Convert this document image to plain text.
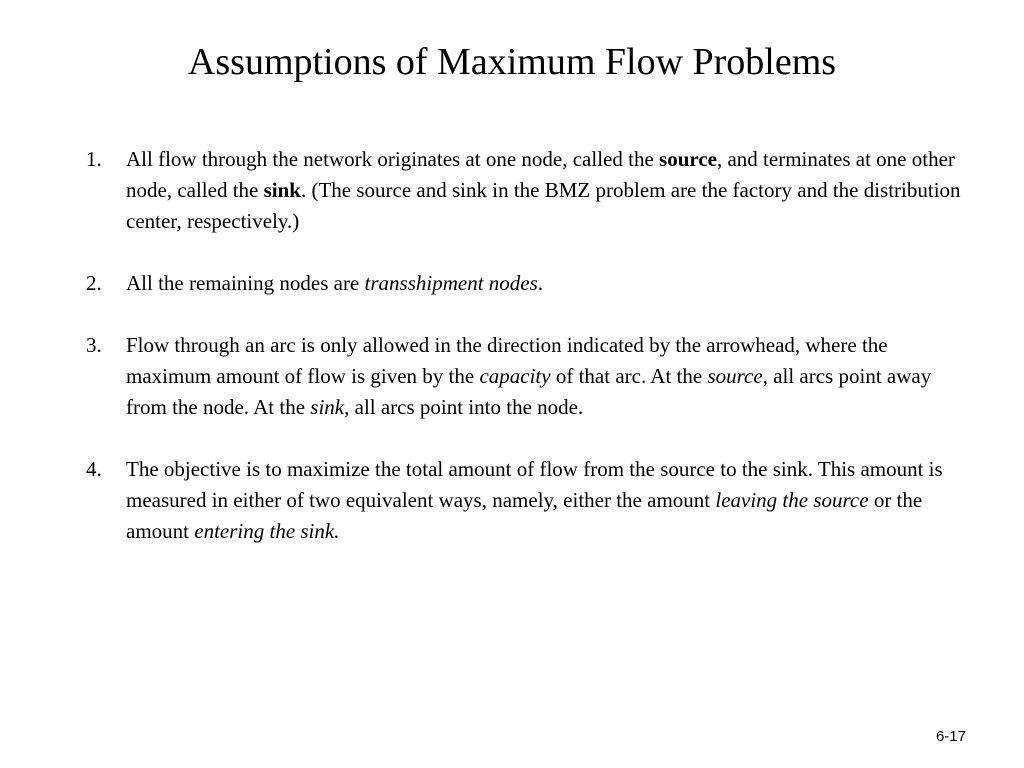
Assumptions of Maximum Flow Problems
1.	All flow through the network originates at one node, called the source, and terminates at one other node, called the sink. (The source and sink in the BMZ problem are the factory and the distribution center, respectively.)
2.	All the remaining nodes are transshipment nodes.
3.	Flow through an arc is only allowed in the direction indicated by the arrowhead, where the maximum amount of flow is given by the capacity of that arc. At the source, all arcs point away from the node. At the sink, all arcs point into the node.
4.	The objective is to maximize the total amount of flow from the source to the sink. This amount is measured in either of two equivalent ways, namely, either the amount leaving the source or the amount entering the sink.
6-17
